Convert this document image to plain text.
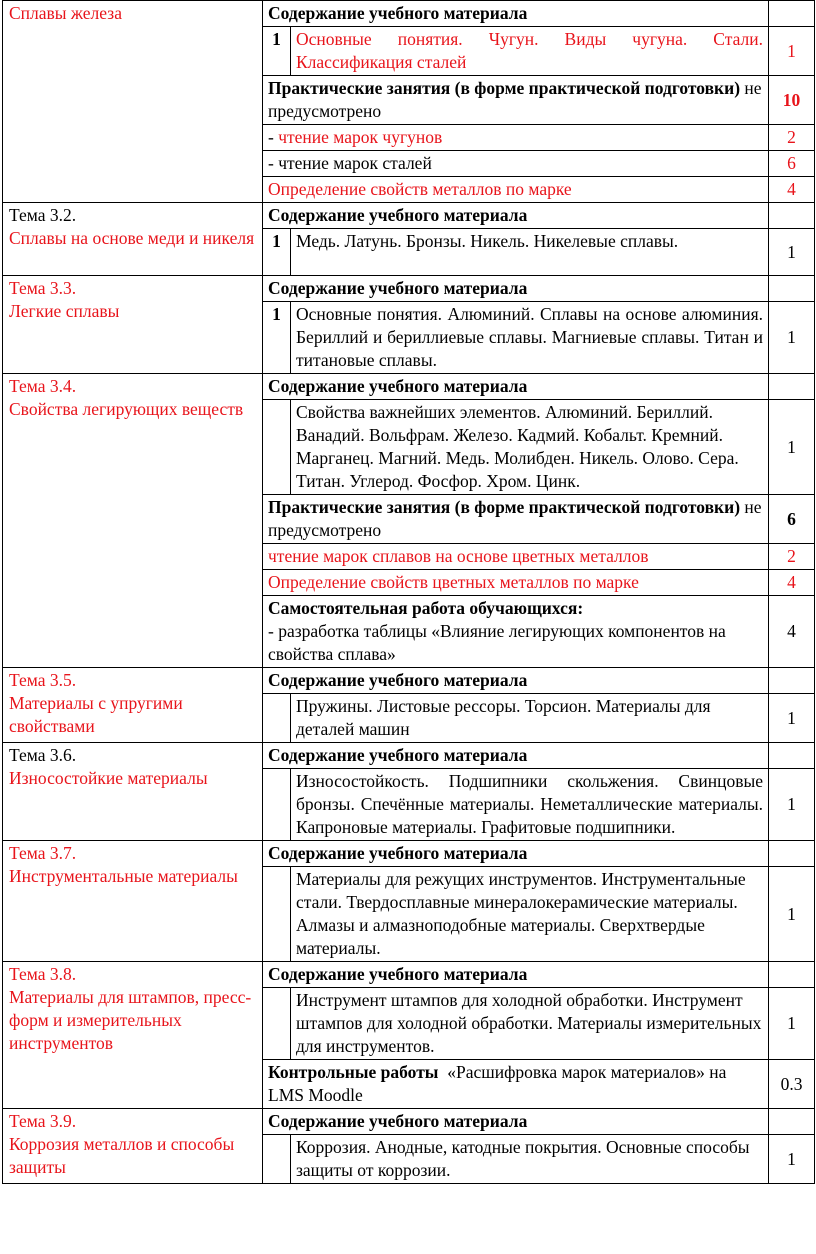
Сплавы железа	Содержание учебного материала		
	1	Основные понятия. Чугун. Виды чугуна. Стали. Классификация сталей	1
	Практические занятия (в форме практической подготовки) не предусмотрено		10
	- чтение марок чугунов		2
	- чтение марок сталей		6
	Определение свойств металлов по марке		4

Тема 3.2.
Сплавы на основе меди и никеля	Содержание учебного материала		
	1	Медь. Латунь. Бронзы. Никель. Никелевые сплавы.	1

Тема 3.3.
Легкие сплавы	Содержание учебного материала		
	1	Основные понятия. Алюминий. Сплавы на основе алюминия. Бериллий и бериллиевые сплавы. Магниевые сплавы. Титан и титановые сплавы.	1

Тема 3.4.
Свойства легирующих веществ	Содержание учебного материала		
		Свойства важнейших элементов. Алюминий. Бериллий. Ванадий. Вольфрам. Железо. Кадмий. Кобальт. Кремний. Марганец. Магний. Медь. Молибден. Никель. Олово. Сера. Титан. Углерод. Фосфор. Хром. Цинк.	1
	Практические занятия (в форме практической подготовки) не предусмотрено		6
	чтение марок сплавов на основе цветных металлов		2
	Определение свойств цветных металлов по марке		4

	Самостоятельная работа обучающихся:
- разработка таблицы «Влияние легирующих компонентов на свойства сплава»		4

Тема 3.5.
Материалы с упругими свойствами	Содержание учебного материала		
		Пружины. Листовые рессоры. Торсион. Материалы для деталей машин	1

Тема 3.6.
Износостойкие материалы	Содержание учебного материала		
		Износостойкость. Подшипники скольжения. Свинцовые бронзы. Спечённые материалы. Неметаллические материалы. Капроновые материалы. Графитовые подшипники.	1

Тема 3.7.
Инструментальные материалы	Содержание учебного материала		
		Материалы для режущих инструментов. Инструментальные стали. Твердосплавные минералокерамические материалы. Алмазы и алмазноподобные материалы. Сверхтвердые материалы.	1

Тема 3.8.
Материалы для штампов, пресс-форм и измерительных инструментов	Содержание учебного материала		
		Инструмент штампов для холодной обработки. Инструмент штампов для холодной обработки. Материалы измерительных для инструментов.	1
	Контрольные работы  «Расшифровка марок материалов» на LMS Moodle		0.3

Тема 3.9.
Коррозия металлов и способы защиты	Содержание учебного материала		
		Коррозия. Анодные, катодные покрытия. Основные способы защиты от коррозии.	1
